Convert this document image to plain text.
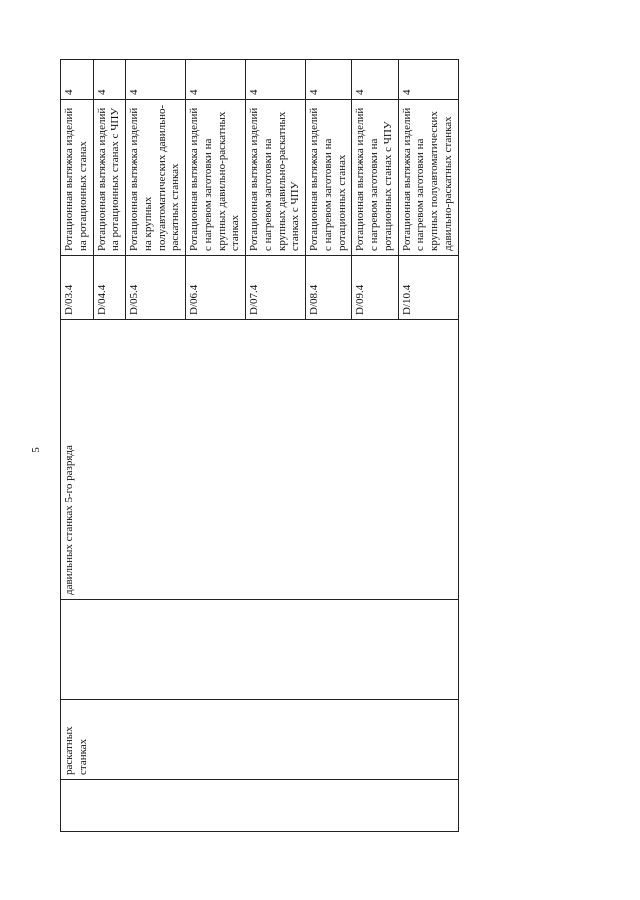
5
	раскатных станках		давильных станках 5-го разряда	D/03.4	Ротационная вытяжка изделий на ротационных станах	4
				D/04.4	Ротационная вытяжка изделий на ротационных станах с ЧПУ	4
				D/05.4	Ротационная вытяжка изделий на крупных полуавтоматических давильно-раскатных станках	4
				D/06.4	Ротационная вытяжка изделий с нагревом заготовки на крупных давильно-раскатных станках	4
				D/07.4	Ротационная вытяжка изделий с нагревом заготовки на крупных давильно-раскатных станках с ЧПУ	4
				D/08.4	Ротационная вытяжка изделий с нагревом заготовки на ротационных станах	4
				D/09.4	Ротационная вытяжка изделий с нагревом заготовки на ротационных станах с ЧПУ	4
				D/10.4	Ротационная вытяжка изделий с нагревом заготовки на крупных полуавтоматических давильно-раскатных станках	4
